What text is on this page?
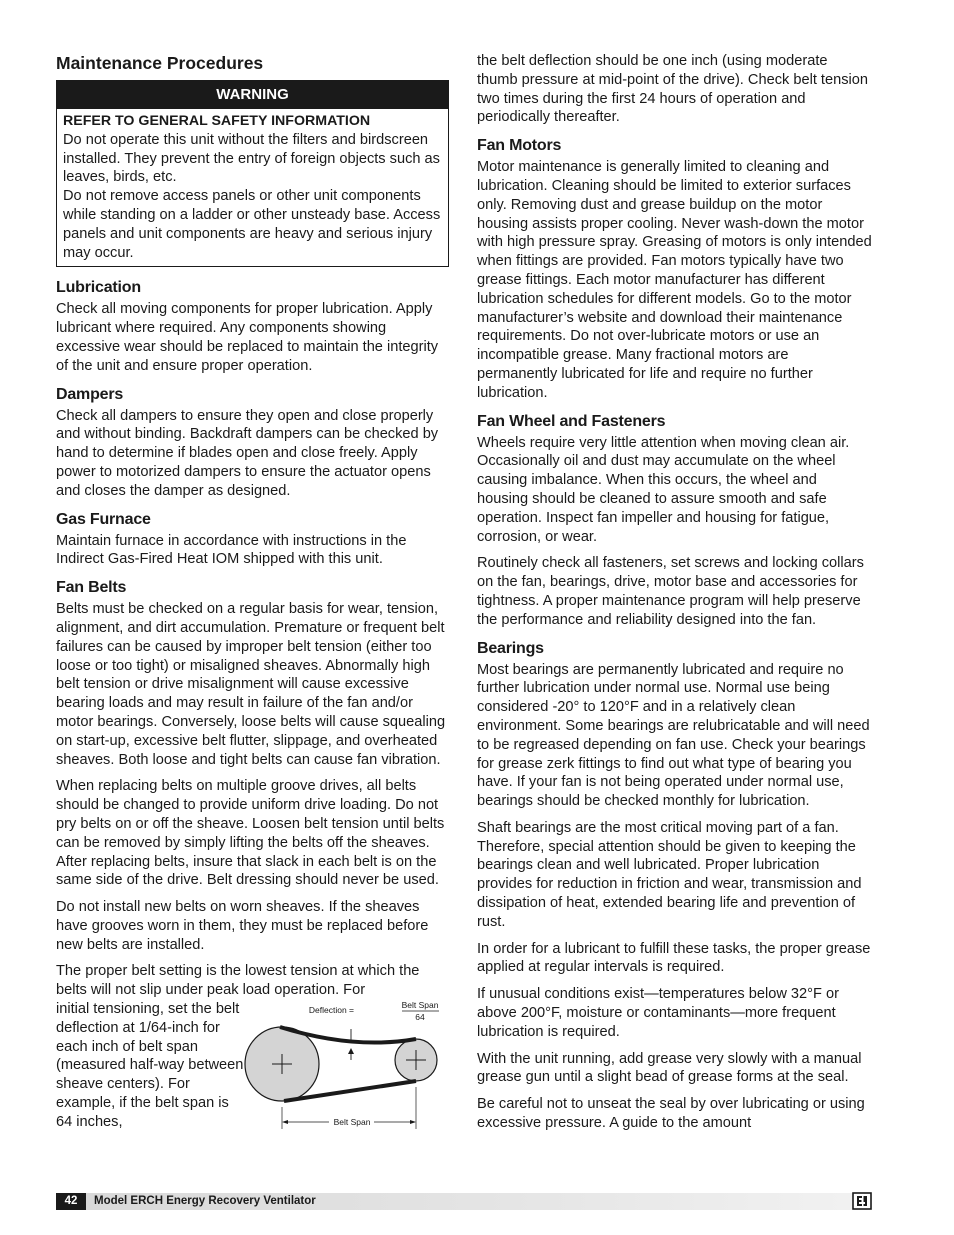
Maintenance Procedures
WARNING
REFER TO GENERAL SAFETY INFORMATION
Do not operate this unit without the filters and birdscreen installed. They prevent the entry of foreign objects such as leaves, birds, etc.
Do not remove access panels or other unit components while standing on a ladder or other unsteady base. Access panels and unit components are heavy and serious injury may occur.
Lubrication

Check all moving components for proper lubrication. Apply lubricant where required. Any components showing excessive wear should be replaced to maintain the integrity of the unit and ensure proper operation.

Dampers

Check all dampers to ensure they open and close properly and without binding. Backdraft dampers can be checked by hand to determine if blades open and close freely. Apply power to motorized dampers to ensure the actuator opens and closes the damper as designed.

Gas Furnace

Maintain furnace in accordance with instructions in the Indirect Gas-Fired Heat IOM shipped with this unit.

Fan Belts

Belts must be checked on a regular basis for wear, tension, alignment, and dirt accumulation. Premature or frequent belt failures can be caused by improper belt tension (either too loose or too tight) or misaligned sheaves. Abnormally high belt tension or drive misalignment will cause excessive bearing loads and may result in failure of the fan and/or motor bearings. Conversely, loose belts will cause squealing on start-up, excessive belt flutter, slippage, and overheated sheaves. Both loose and tight belts can cause fan vibration.

When replacing belts on multiple groove drives, all belts should be changed to provide uniform drive loading. Do not pry belts on or off the sheave. Loosen belt tension until belts can be removed by simply lifting the belts off the sheaves. After replacing belts, insure that slack in each belt is on the same side of the drive. Belt dressing should never be used.

Do not install new belts on worn sheaves. If the sheaves have grooves worn in them, they must be replaced before new belts are installed.

The proper belt setting is the lowest tension at which the belts will not slip under peak load operation. For

initial tensioning, set the belt deflection at 1/64-inch for each inch of belt span (measured half-way between sheave centers). For example, if the belt span is 64 inches,
Deflection =	Belt Span
64
Belt Span

the belt deflection should be one inch (using moderate thumb pressure at mid-point of the drive). Check belt tension two times during the first 24 hours of operation and periodically thereafter.

Fan Motors

Motor maintenance is generally limited to cleaning and lubrication. Cleaning should be limited to exterior surfaces only. Removing dust and grease buildup on the motor housing assists proper cooling. Never wash-down the motor with high pressure spray. Greasing of motors is only intended when fittings are provided. Fan motors typically have two grease fittings. Each motor manufacturer has different lubrication schedules for different models. Go to the motor manufacturer’s website and download their maintenance requirements. Do not over-lubricate motors or use an incompatible grease. Many fractional motors are permanently lubricated for life and require no further lubrication.

Fan Wheel and Fasteners

Wheels require very little attention when moving clean air. Occasionally oil and dust may accumulate on the wheel causing imbalance. When this occurs, the wheel and housing should be cleaned to assure smooth and safe operation. Inspect fan impeller and housing for fatigue, corrosion, or wear.

Routinely check all fasteners, set screws and locking collars on the fan, bearings, drive, motor base and accessories for tightness. A proper maintenance program will help preserve the performance and reliability designed into the fan.

Bearings

Most bearings are permanently lubricated and require no further lubrication under normal use. Normal use being considered -20° to 120°F and in a relatively clean environment. Some bearings are relubricatable and will need to be regreased depending on fan use. Check your bearings for grease zerk fittings to find out what type of bearing you have. If your fan is not being operated under normal use, bearings should be checked monthly for lubrication.

Shaft bearings are the most critical moving part of a fan. Therefore, special attention should be given to keeping the bearings clean and well lubricated. Proper lubrication provides for reduction in friction and wear, transmission and dissipation of heat, extended bearing life and prevention of rust.

In order for a lubricant to fulfill these tasks, the proper grease applied at regular intervals is required.

If unusual conditions exist—temperatures below 32°F or above 200°F, moisture or contaminants—more frequent lubrication is required.

With the unit running, add grease very slowly with a manual grease gun until a slight bead of grease forms at the seal.

Be careful not to unseat the seal by over lubricating or using excessive pressure. A guide to the amount

42	Model ERCH Energy Recovery Ventilator
